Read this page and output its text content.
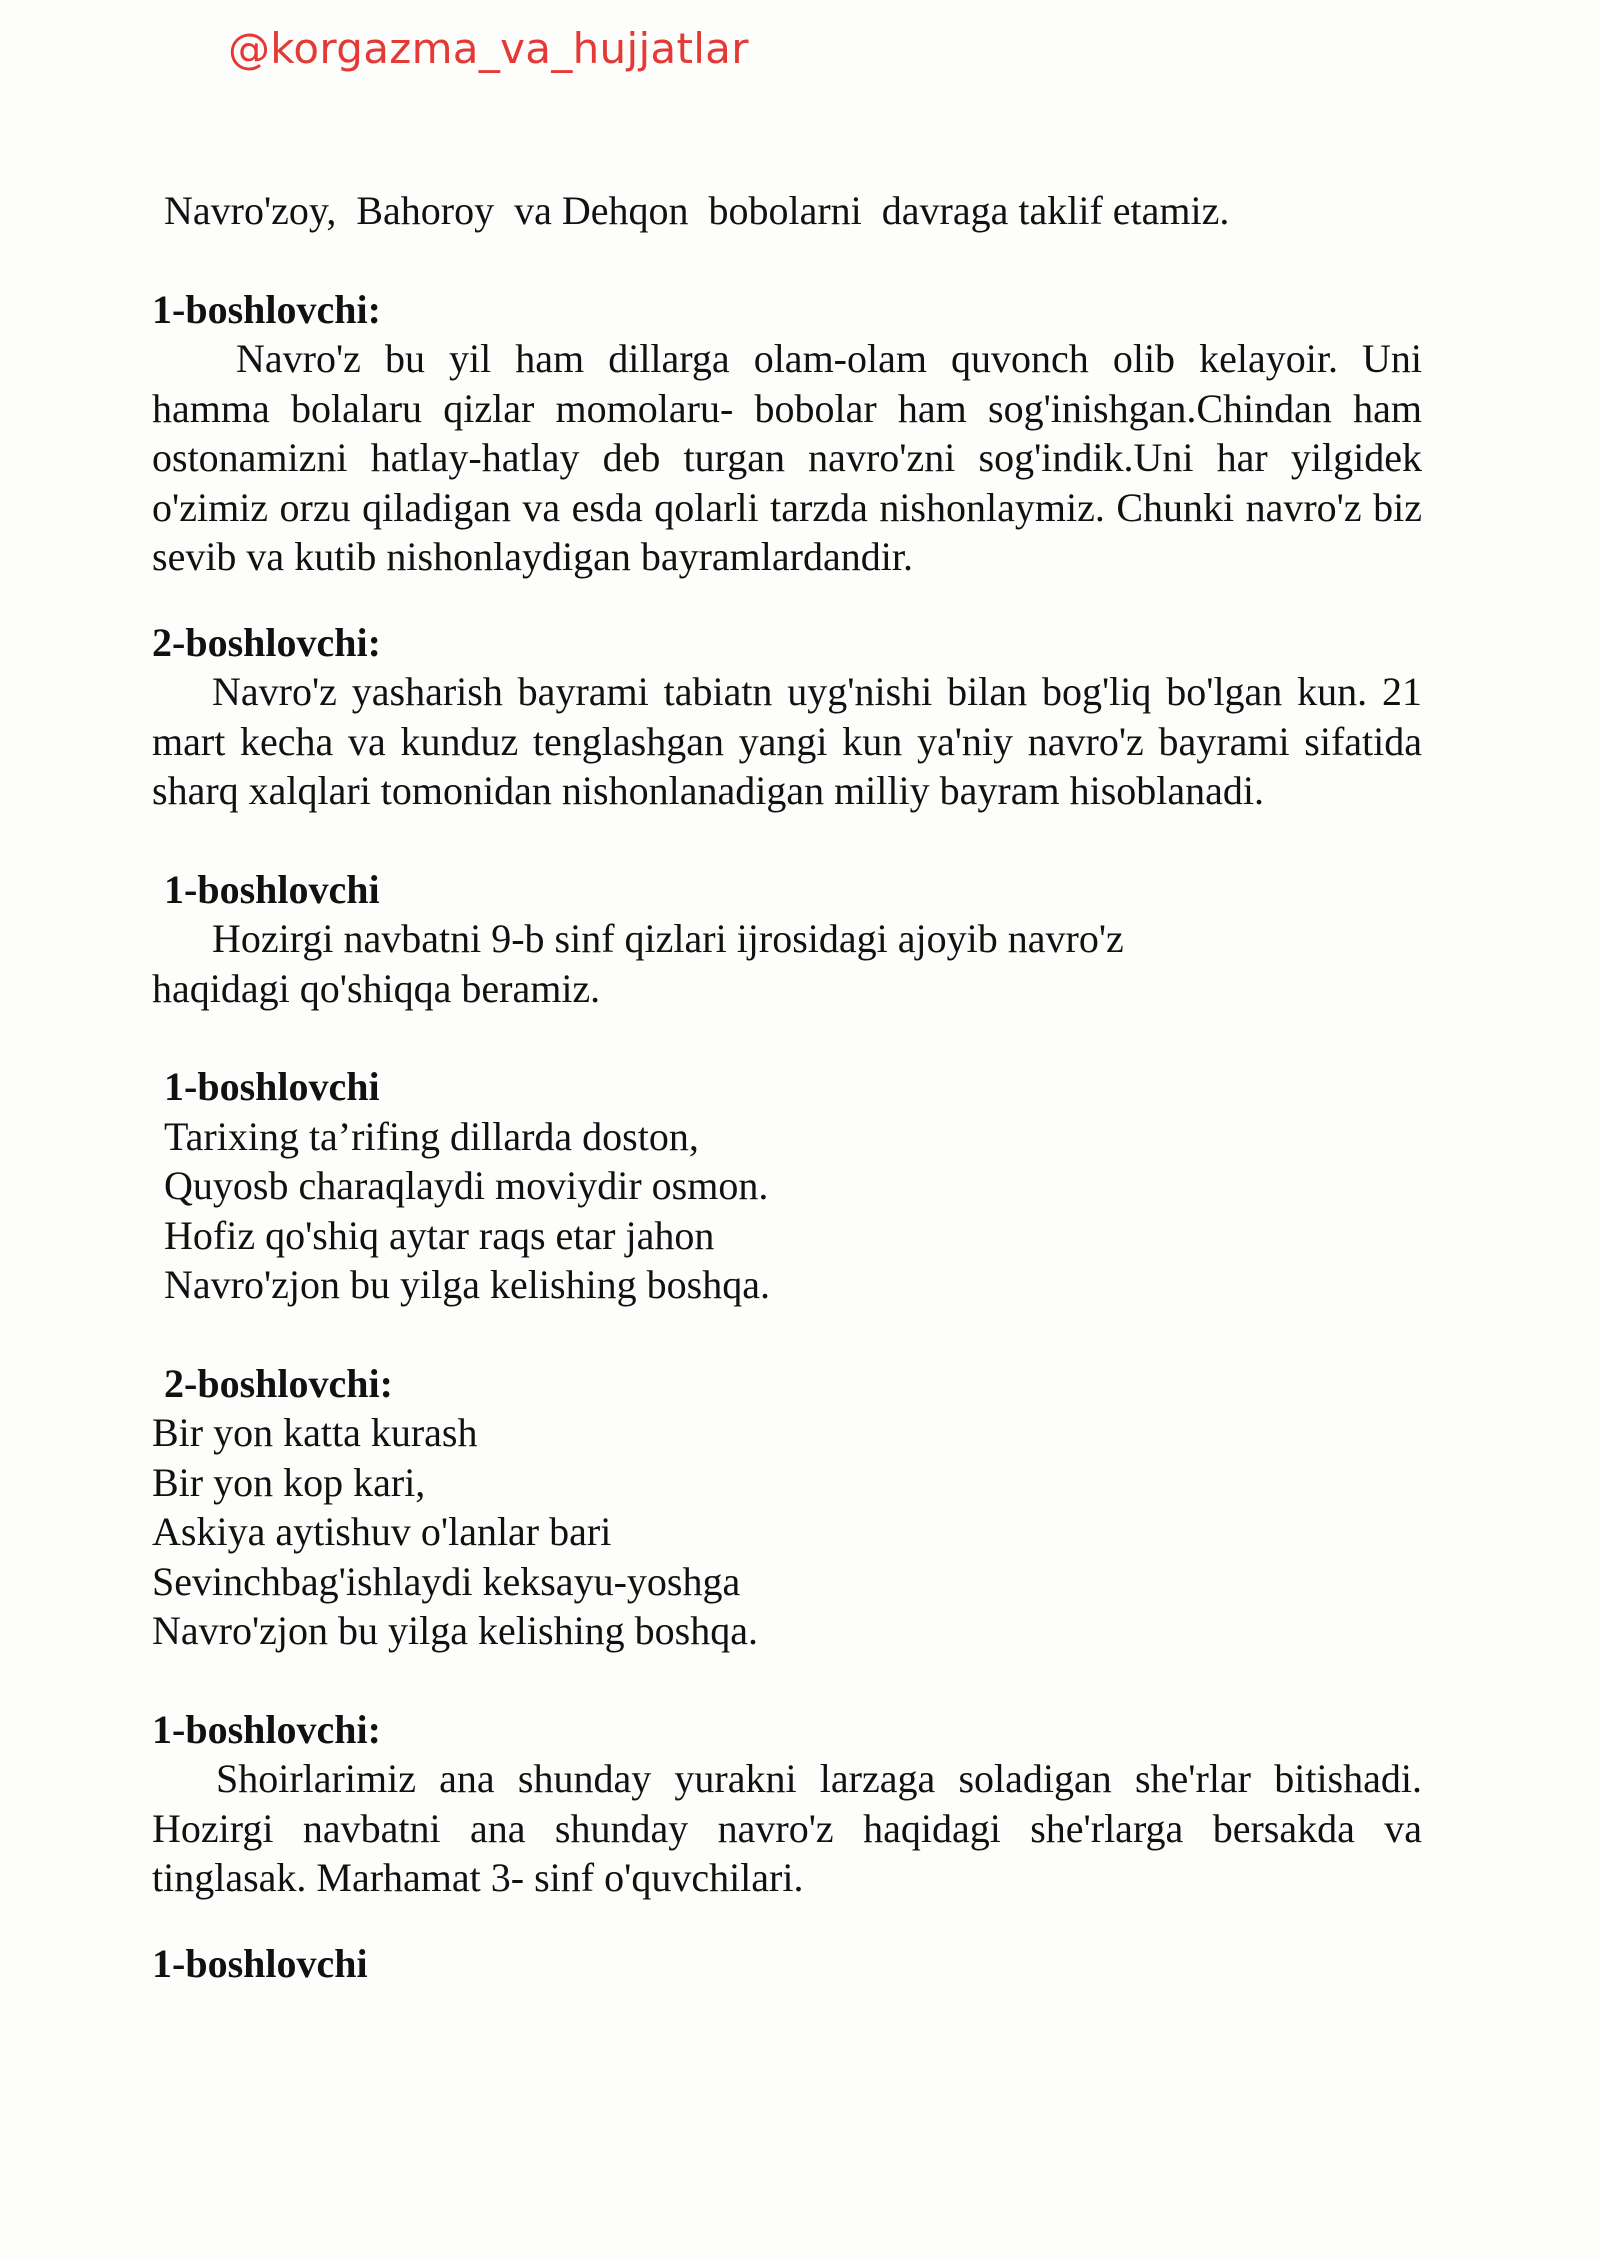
@korgazma_va_hujjatlar
Navro'zoy,  Bahoroy  va Dehqon  bobolarni  davraga taklif etamiz.
1-boshlovchi:
Navro'z bu yil ham dillarga olam-olam quvonch olib kelayoir. Uni hamma bolalaru qizlar momolaru- bobolar ham sog'inishgan.Chindan ham ostonamizni hatlay-hatlay deb turgan navro'zni sog'indik.Uni har yilgidek o'zimiz orzu qiladigan va esda qolarli tarzda nishonlaymiz. Chunki navro'z biz sevib va kutib nishonlaydigan bayramlardandir.
2-boshlovchi:
Navro'z yasharish bayrami tabiatn uyg'nishi bilan bog'liq bo'lgan kun. 21 mart kecha va kunduz tenglashgan yangi kun ya'niy navro'z bayrami sifatida sharq xalqlari tomonidan nishonlanadigan milliy bayram hisoblanadi.
1-boshlovchi
Hozirgi navbatni 9-b sinf qizlari ijrosidagi ajoyib navro'z
haqidagi qo'shiqqa beramiz.
1-boshlovchi
Tarixing ta’rifing dillarda doston,
Quyosb charaqlaydi moviydir osmon.
Hofiz qo'shiq aytar raqs etar jahon
Navro'zjon bu yilga kelishing boshqa.
2-boshlovchi:
Bir yon katta kurash
Bir yon kop kari,
Askiya aytishuv o'lanlar bari
Sevinchbag'ishlaydi keksayu-yoshga
Navro'zjon bu yilga kelishing boshqa.
1-boshlovchi:
Shoirlarimiz ana shunday yurakni larzaga soladigan she'rlar bitishadi. Hozirgi navbatni ana shunday navro'z haqidagi she'rlarga bersakda va tinglasak. Marhamat 3- sinf o'quvchilari.
1-boshlovchi
